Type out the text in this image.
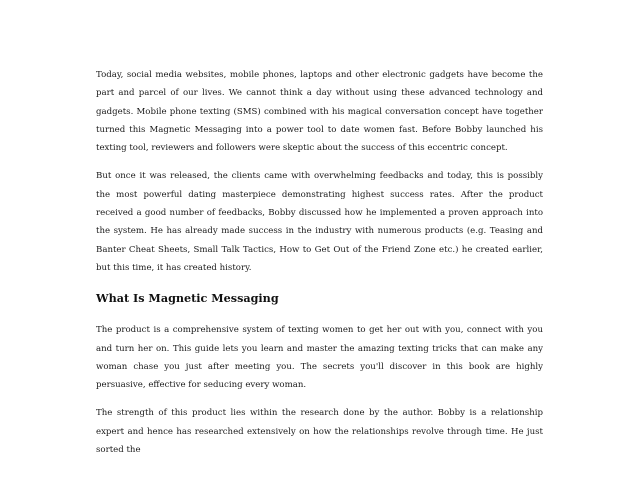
Today, social media websites, mobile phones, laptops and other electronic gadgets have become the part and parcel of our lives. We cannot think a day without using these advanced technology and gadgets. Mobile phone texting (SMS) combined with his magical conversation concept have together turned this Magnetic Messaging into a power tool to date women fast. Before Bobby launched his texting tool, reviewers and followers were skeptic about the success of this eccentric concept.

But once it was released, the clients came with overwhelming feedbacks and today, this is possibly the most powerful dating masterpiece demonstrating highest success rates. After the product received a good number of feedbacks, Bobby discussed how he implemented a proven approach into the system. He has already made success in the industry with numerous products (e.g. Teasing and Banter Cheat Sheets, Small Talk Tactics, How to Get Out of the Friend Zone etc.) he created earlier, but this time, it has created history.

What Is Magnetic Messaging

The product is a comprehensive system of texting women to get her out with you, connect with you and turn her on. This guide lets you learn and master the amazing texting tricks that can make any woman chase you just after meeting you. The secrets you'll discover in this book are highly persuasive, effective for seducing every woman.

The strength of this product lies within the research done by the author. Bobby is a relationship expert and hence has researched extensively on how the relationships revolve through time. He just sorted the
